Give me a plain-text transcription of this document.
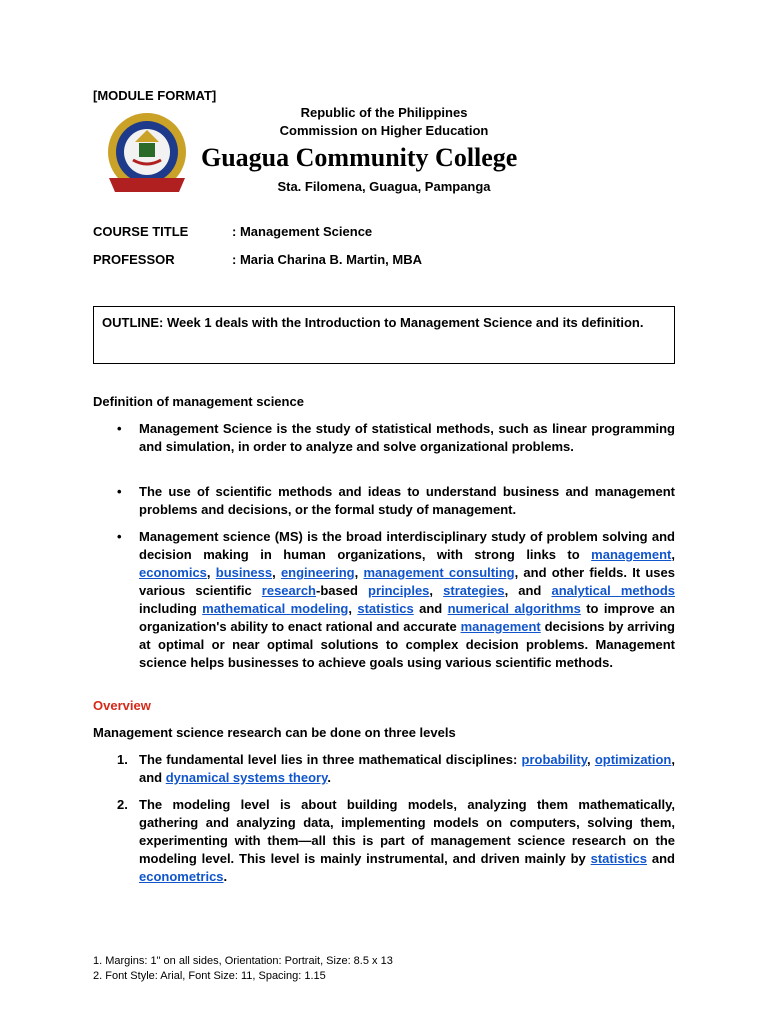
[MODULE FORMAT]
Republic of the Philippines
Commission on Higher Education
Guagua Community College
Sta. Filomena, Guagua, Pampanga
COURSE TITLE	: Management Science
PROFESSOR	: Maria Charina B. Martin, MBA
OUTLINE: Week 1 deals with the Introduction to Management Science and its definition.
Definition of management science
• Management Science is the study of statistical methods, such as linear programming and simulation, in order to analyze and solve organizational problems.
• The use of scientific methods and ideas to understand business and management problems and decisions, or the formal study of management.
• Management science (MS) is the broad interdisciplinary study of problem solving and decision making in human organizations, with strong links to management, economics, business, engineering, management consulting, and other fields. It uses various scientific research-based principles, strategies, and analytical methods including mathematical modeling, statistics and numerical algorithms to improve an organization's ability to enact rational and accurate management decisions by arriving at optimal or near optimal solutions to complex decision problems. Management science helps businesses to achieve goals using various scientific methods.
Overview
Management science research can be done on three levels
1. The fundamental level lies in three mathematical disciplines: probability, optimization, and dynamical systems theory.
2. The modeling level is about building models, analyzing them mathematically, gathering and analyzing data, implementing models on computers, solving them, experimenting with them—all this is part of management science research on the modeling level. This level is mainly instrumental, and driven mainly by statistics and econometrics.
1. Margins: 1" on all sides, Orientation: Portrait, Size: 8.5 x 13
2. Font Style: Arial, Font Size: 11, Spacing: 1.15
